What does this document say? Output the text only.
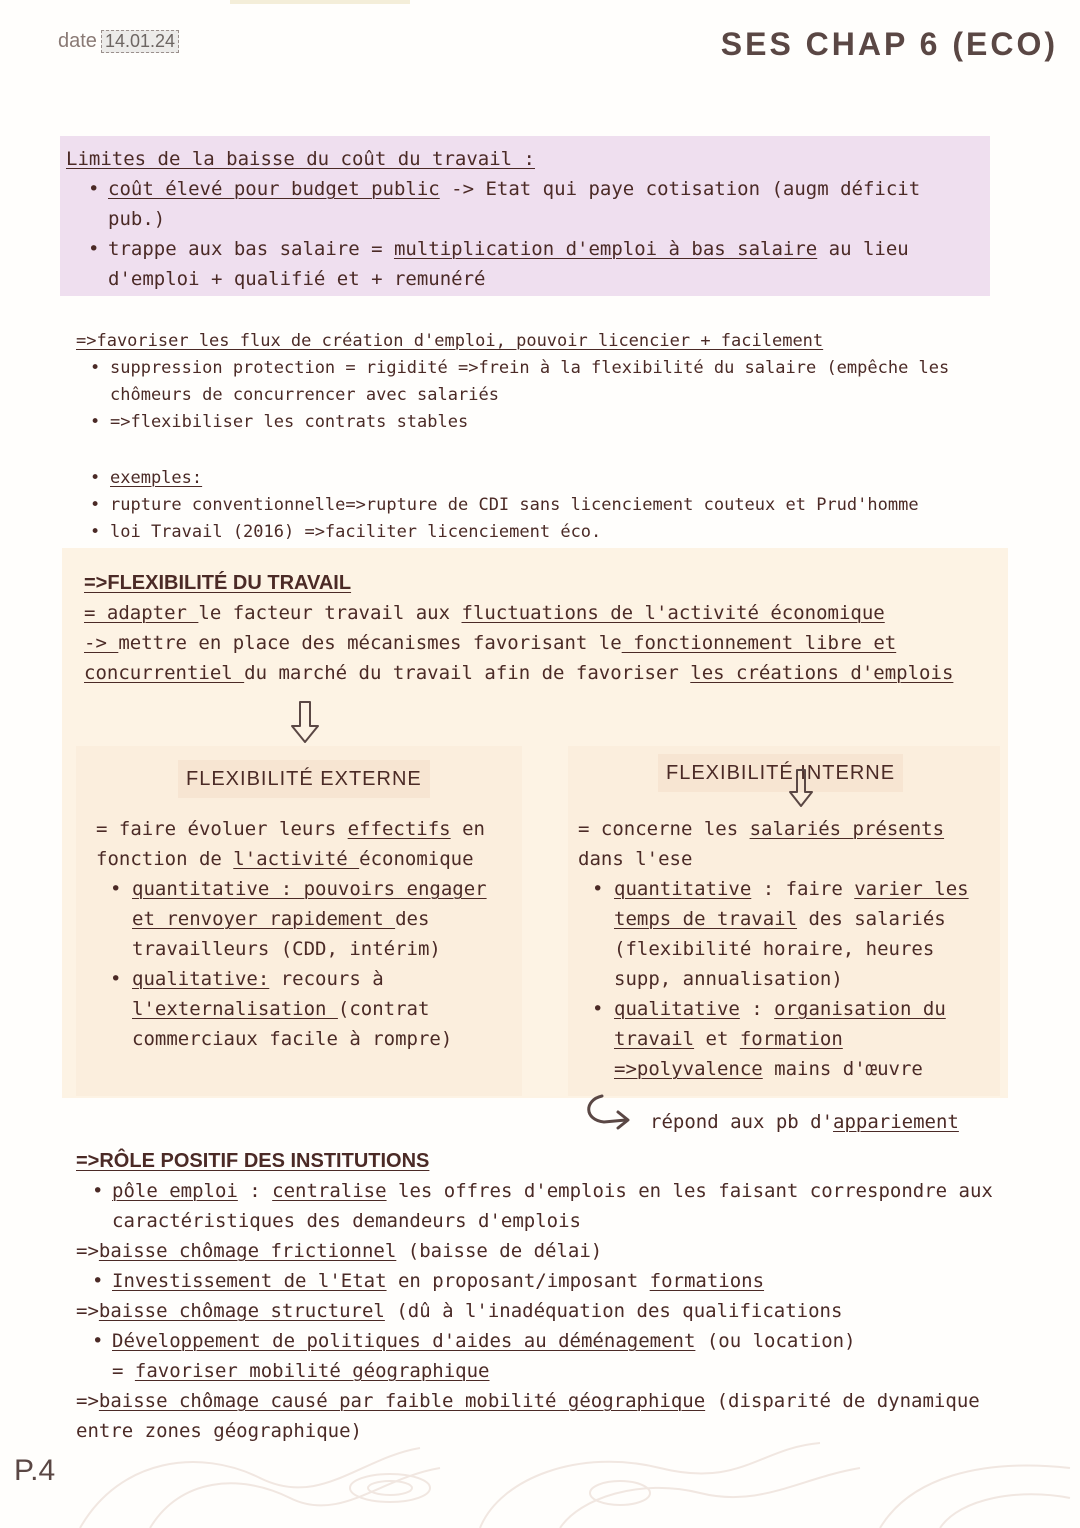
date 14.01.24	SES CHAP 6 (ECO)
Limites de la baisse du coût du travail :
• coût élevé pour budget public -> Etat qui paye cotisation (augm déficit pub.)
• trappe aux bas salaire = multiplication d'emploi à bas salaire au lieu d'emploi + qualifié et + remunéré
=>favoriser les flux de création d'emploi, pouvoir licencier + facilement
• suppression protection = rigidité =>frein à la flexibilité du salaire (empêche les chômeurs de concurrencer avec salariés
• =>flexibiliser les contrats stables
• exemples:
• rupture conventionnelle=>rupture de CDI sans licenciement couteux et Prud'homme
• loi Travail (2016) =>faciliter licenciement éco.
=>FLEXIBILITÉ DU TRAVAIL
= adapter le facteur travail aux fluctuations de l'activité économique
-> mettre en place des mécanismes favorisant le fonctionnement libre et concurrentiel du marché du travail afin de favoriser les créations d'emplois
FLEXIBILITÉ EXTERNE
= faire évoluer leurs effectifs en fonction de l'activité économique
• quantitative : pouvoirs engager et renvoyer rapidement des travailleurs (CDD, intérim)
• qualitative: recours à l'externalisation (contrat commerciaux facile à rompre)
FLEXIBILITÉ INTERNE
= concerne les salariés présents dans l'ese
• quantitative : faire varier les temps de travail des salariés (flexibilité horaire, heures supp, annualisation)
• qualitative : organisation du travail et formation
=>polyvalence mains d'œuvre
répond aux pb d'appariement
=>RÔLE POSITIF DES INSTITUTIONS
• pôle emploi : centralise les offres d'emplois en les faisant correspondre aux caractéristiques des demandeurs d'emplois
=>baisse chômage frictionnel (baisse de délai)
• Investissement de l'Etat en proposant/imposant formations
=>baisse chômage structurel (dû à l'inadéquation des qualifications
• Développement de politiques d'aides au déménagement (ou location)
= favoriser mobilité géographique
=>baisse chômage causé par faible mobilité géographique (disparité de dynamique entre zones géographique)
P.4
